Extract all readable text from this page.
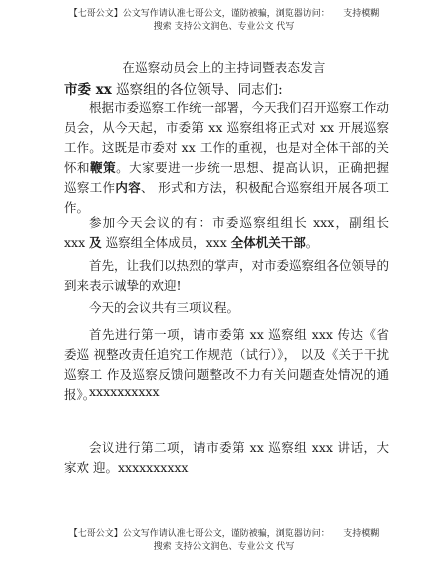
【七哥公文】公文写作请认准七哥公文，谨防被骗，浏览器访问：　　支持模糊
搜索 支持公文润色、专业公文 代写
在巡察动员会上的主持词暨表态发言
市委 xx 巡察组的各位领导、同志们:
根据市委巡察工作统一部署，今天我们召开巡察工作动员会，从今天起，市委第 xx 巡察组将正式对 xx 开展巡察工作。这既是市委对 xx 工作的重视，也是对全体干部的关怀和鞭策。大家要进一步统一思想、提高认识，正确把握巡察工作内容、 形式和方法，积极配合巡察组开展各项工作。
参加今天会议的有：市委巡察组组长 xxx，副组长 xxx 及 巡察组全体成员，xxx 全体机关干部。
首先，让我们以热烈的掌声，对市委巡察组各位领导的到来表示诚挚的欢迎!
今天的会议共有三项议程。
首先进行第一项，请市委第 xx 巡察组 xxx 传达《省委巡 视整改责任追究工作规范（试行）》， 以及《关于干扰巡察工 作及巡察反馈问题整改不力有关问题查处情况的通报》。
xxxxxxxxxx
会议进行第二项，请市委第 xx 巡察组 xxx 讲话，大家欢 迎。xxxxxxxxxx
【七哥公文】公文写作请认准七哥公文，谨防被骗，浏览器访问：　　支持模糊
搜索 支持公文润色、专业公文 代写
